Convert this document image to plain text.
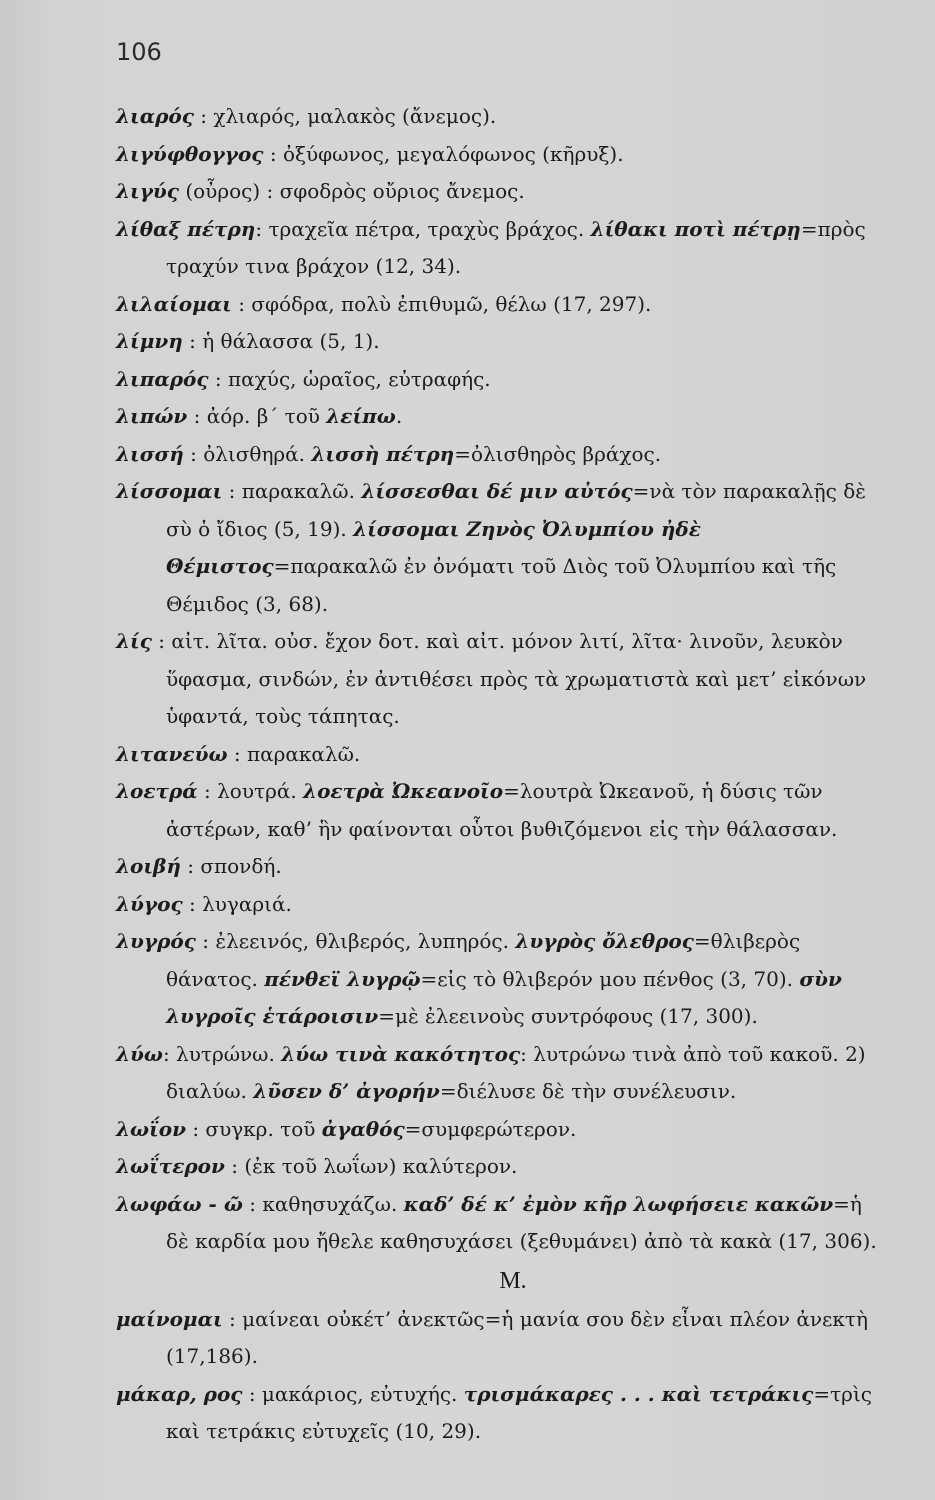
106
λιαρός : χλιαρός, μαλακὸς (ἄνεμος).
λιγύφθογγος : ὀξύφωνος, μεγαλόφωνος (κῆρυξ).
λιγύς (οὖρος) : σφοδρὸς οὔριος ἄνεμος.
λίθαξ πέτρη: τραχεῖα πέτρα, τραχὺς βράχος. λίθακι ποτὶ πέτρῃ=πρὸς τραχύν τινα βράχον (12, 34).
λιλαίομαι : σφόδρα, πολὺ ἐπιθυμῶ, θέλω (17, 297).
λίμνη : ἡ θάλασσα (5, 1).
λιπαρός : παχύς, ὡραῖος, εὐτραφής.
λιπών : ἀόρ. β΄ τοῦ λείπω.
λισσή : ὀλισθηρά. λισσὴ πέτρη=ὀλισθηρὸς βράχος.
λίσσομαι : παρακαλῶ. λίσσεσθαι δέ μιν αὐτός=νὰ τὸν παρακαλῇς δὲ σὺ ὁ ἴδιος (5, 19). λίσσομαι Ζηνὸς Ὀλυμπίου ἠδὲ Θέμιστος=παρακαλῶ ἐν ὀνόματι τοῦ Διὸς τοῦ Ὀλυμπίου καὶ τῆς Θέμιδος (3, 68).
λίς : αἰτ. λῖτα. οὐσ. ἔχον δοτ. καὶ αἰτ. μόνον λιτί, λῖτα· λινοῦν, λευκὸν ὕφασμα, σινδών, ἐν ἀντιθέσει πρὸς τὰ χρωματιστὰ καὶ μετ’ εἰκόνων ὑφαντά, τοὺς τάπητας.
λιτανεύω : παρακαλῶ.
λοετρά : λουτρά. λοετρὰ Ὠκεανοῖο=λουτρὰ Ὠκεανοῦ, ἡ δύσις τῶν ἀστέρων, καθ’ ἣν φαίνονται οὗτοι βυθιζόμενοι εἰς τὴν θάλασσαν.
λοιβή : σπονδή.
λύγος : λυγαριά.
λυγρός : ἐλεεινός, θλιβερός, λυπηρός. λυγρὸς ὄλεθρος=θλιβερὸς θάνατος. πένθεϊ λυγρῷ=εἰς τὸ θλιβερόν μου πένθος (3, 70). σὺν λυγροῖς ἑτάροισιν=μὲ ἐλεεινοὺς συντρόφους (17, 300).
λύω: λυτρώνω. λύω τινὰ κακότητος: λυτρώνω τινὰ ἀπὸ τοῦ κακοῦ. 2) διαλύω. λῦσεν δ’ ἀγορήν=διέλυσε δὲ τὴν συνέλευσιν.
λωΐον : συγκρ. τοῦ ἀγαθός=συμφερώτερον.
λωΐτερον : (ἐκ τοῦ λωΐων) καλύτερον.
λωφάω - ῶ : καθησυχάζω. καδ’ δέ κ’ ἐμὸν κῆρ λωφήσειε κακῶν=ἡ δὲ καρδία μου ἤθελε καθησυχάσει (ξεθυμάνει) ἀπὸ τὰ κακὰ (17, 306).
Μ.
μαίνομαι : μαίνεαι οὐκέτ’ ἀνεκτῶς=ἡ μανία σου δὲν εἶναι πλέον ἀνεκτὴ (17,186).
μάκαρ, ρος : μακάριος, εὐτυχής. τρισμάκαρες . . . καὶ τετράκις=τρὶς καὶ τετράκις εὐτυχεῖς (10, 29).
